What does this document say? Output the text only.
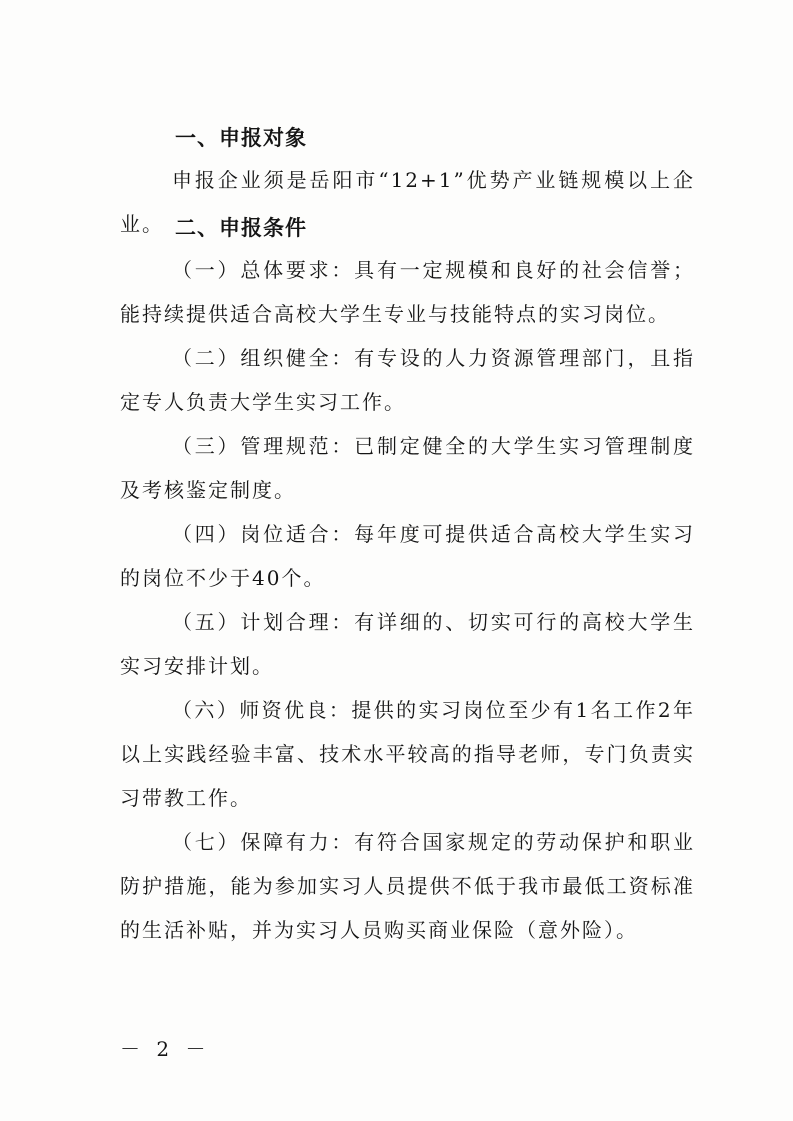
一、申报对象

申报企业须是岳阳市“12+1”优势产业链规模以上企业。 二、申报条件

（一）总体要求：具有一定规模和良好的社会信誉；能持续提供适合高校大学生专业与技能特点的实习岗位。

（二）组织健全：有专设的人力资源管理部门，且指定专人负责大学生实习工作。

（三）管理规范：已制定健全的大学生实习管理制度及考核鉴定制度。

（四）岗位适合：每年度可提供适合高校大学生实习的岗位不少于40个。

（五）计划合理：有详细的、切实可行的高校大学生实习安排计划。

（六）师资优良：提供的实习岗位至少有1名工作2年以上实践经验丰富、技术水平较高的指导老师，专门负责实习带教工作。

（七）保障有力：有符合国家规定的劳动保护和职业防护措施，能为参加实习人员提供不低于我市最低工资标准的生活补贴，并为实习人员购买商业保险（意外险）。

－ 2 －
